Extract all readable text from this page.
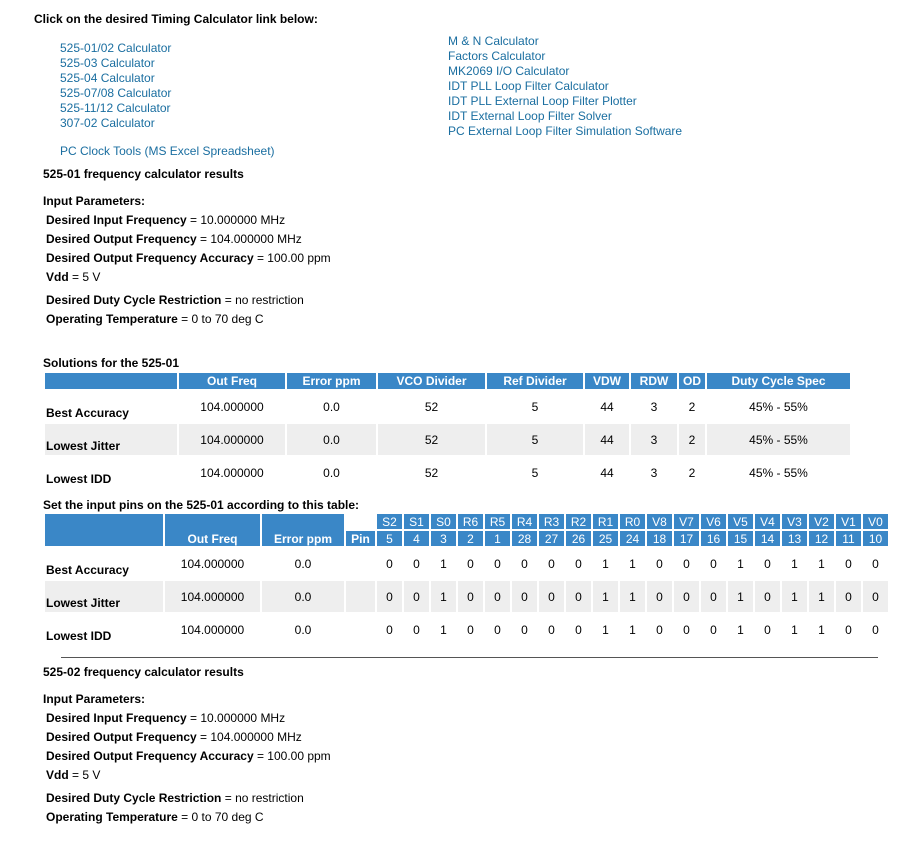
Click on the desired Timing Calculator link below:
525-01/02 Calculator
525-03 Calculator
525-04 Calculator
525-07/08 Calculator
525-11/12 Calculator
307-02 Calculator
PC Clock Tools (MS Excel Spreadsheet)
M & N Calculator
Factors Calculator
MK2069 I/O Calculator
IDT PLL Loop Filter Calculator
IDT PLL External Loop Filter Plotter
IDT External Loop Filter Solver
PC External Loop Filter Simulation Software
525-01 frequency calculator results
Input Parameters:
Desired Input Frequency = 10.000000 MHz
Desired Output Frequency = 104.000000 MHz
Desired Output Frequency Accuracy = 100.00 ppm
Vdd = 5 V
Desired Duty Cycle Restriction = no restriction
Operating Temperature = 0 to 70 deg C
Solutions for the 525-01
	Out Freq	Error ppm	VCO Divider	Ref Divider	VDW	RDW	OD	Duty Cycle Spec
Best Accuracy	104.000000	0.0	52	5	44	3	2	45% - 55%
Lowest Jitter	104.000000	0.0	52	5	44	3	2	45% - 55%
Lowest IDD	104.000000	0.0	52	5	44	3	2	45% - 55%
Set the input pins on the 525-01 according to this table:
	Out Freq	Error ppm		S2	S1	S0	R6	R5	R4	R3	R2	R1	R0	V8	V7	V6	V5	V4	V3	V2	V1	V0
			Pin	5	4	3	2	1	28	27	26	25	24	18	17	16	15	14	13	12	11	10
Best Accuracy	104.000000	0.0		0	0	1	0	0	0	0	0	1	1	0	0	0	1	0	1	1	0	0
Lowest Jitter	104.000000	0.0		0	0	1	0	0	0	0	0	1	1	0	0	0	1	0	1	1	0	0
Lowest IDD	104.000000	0.0		0	0	1	0	0	0	0	0	1	1	0	0	0	1	0	1	1	0	0
525-02 frequency calculator results
Input Parameters:
Desired Input Frequency = 10.000000 MHz
Desired Output Frequency = 104.000000 MHz
Desired Output Frequency Accuracy = 100.00 ppm
Vdd = 5 V
Desired Duty Cycle Restriction = no restriction
Operating Temperature = 0 to 70 deg C
